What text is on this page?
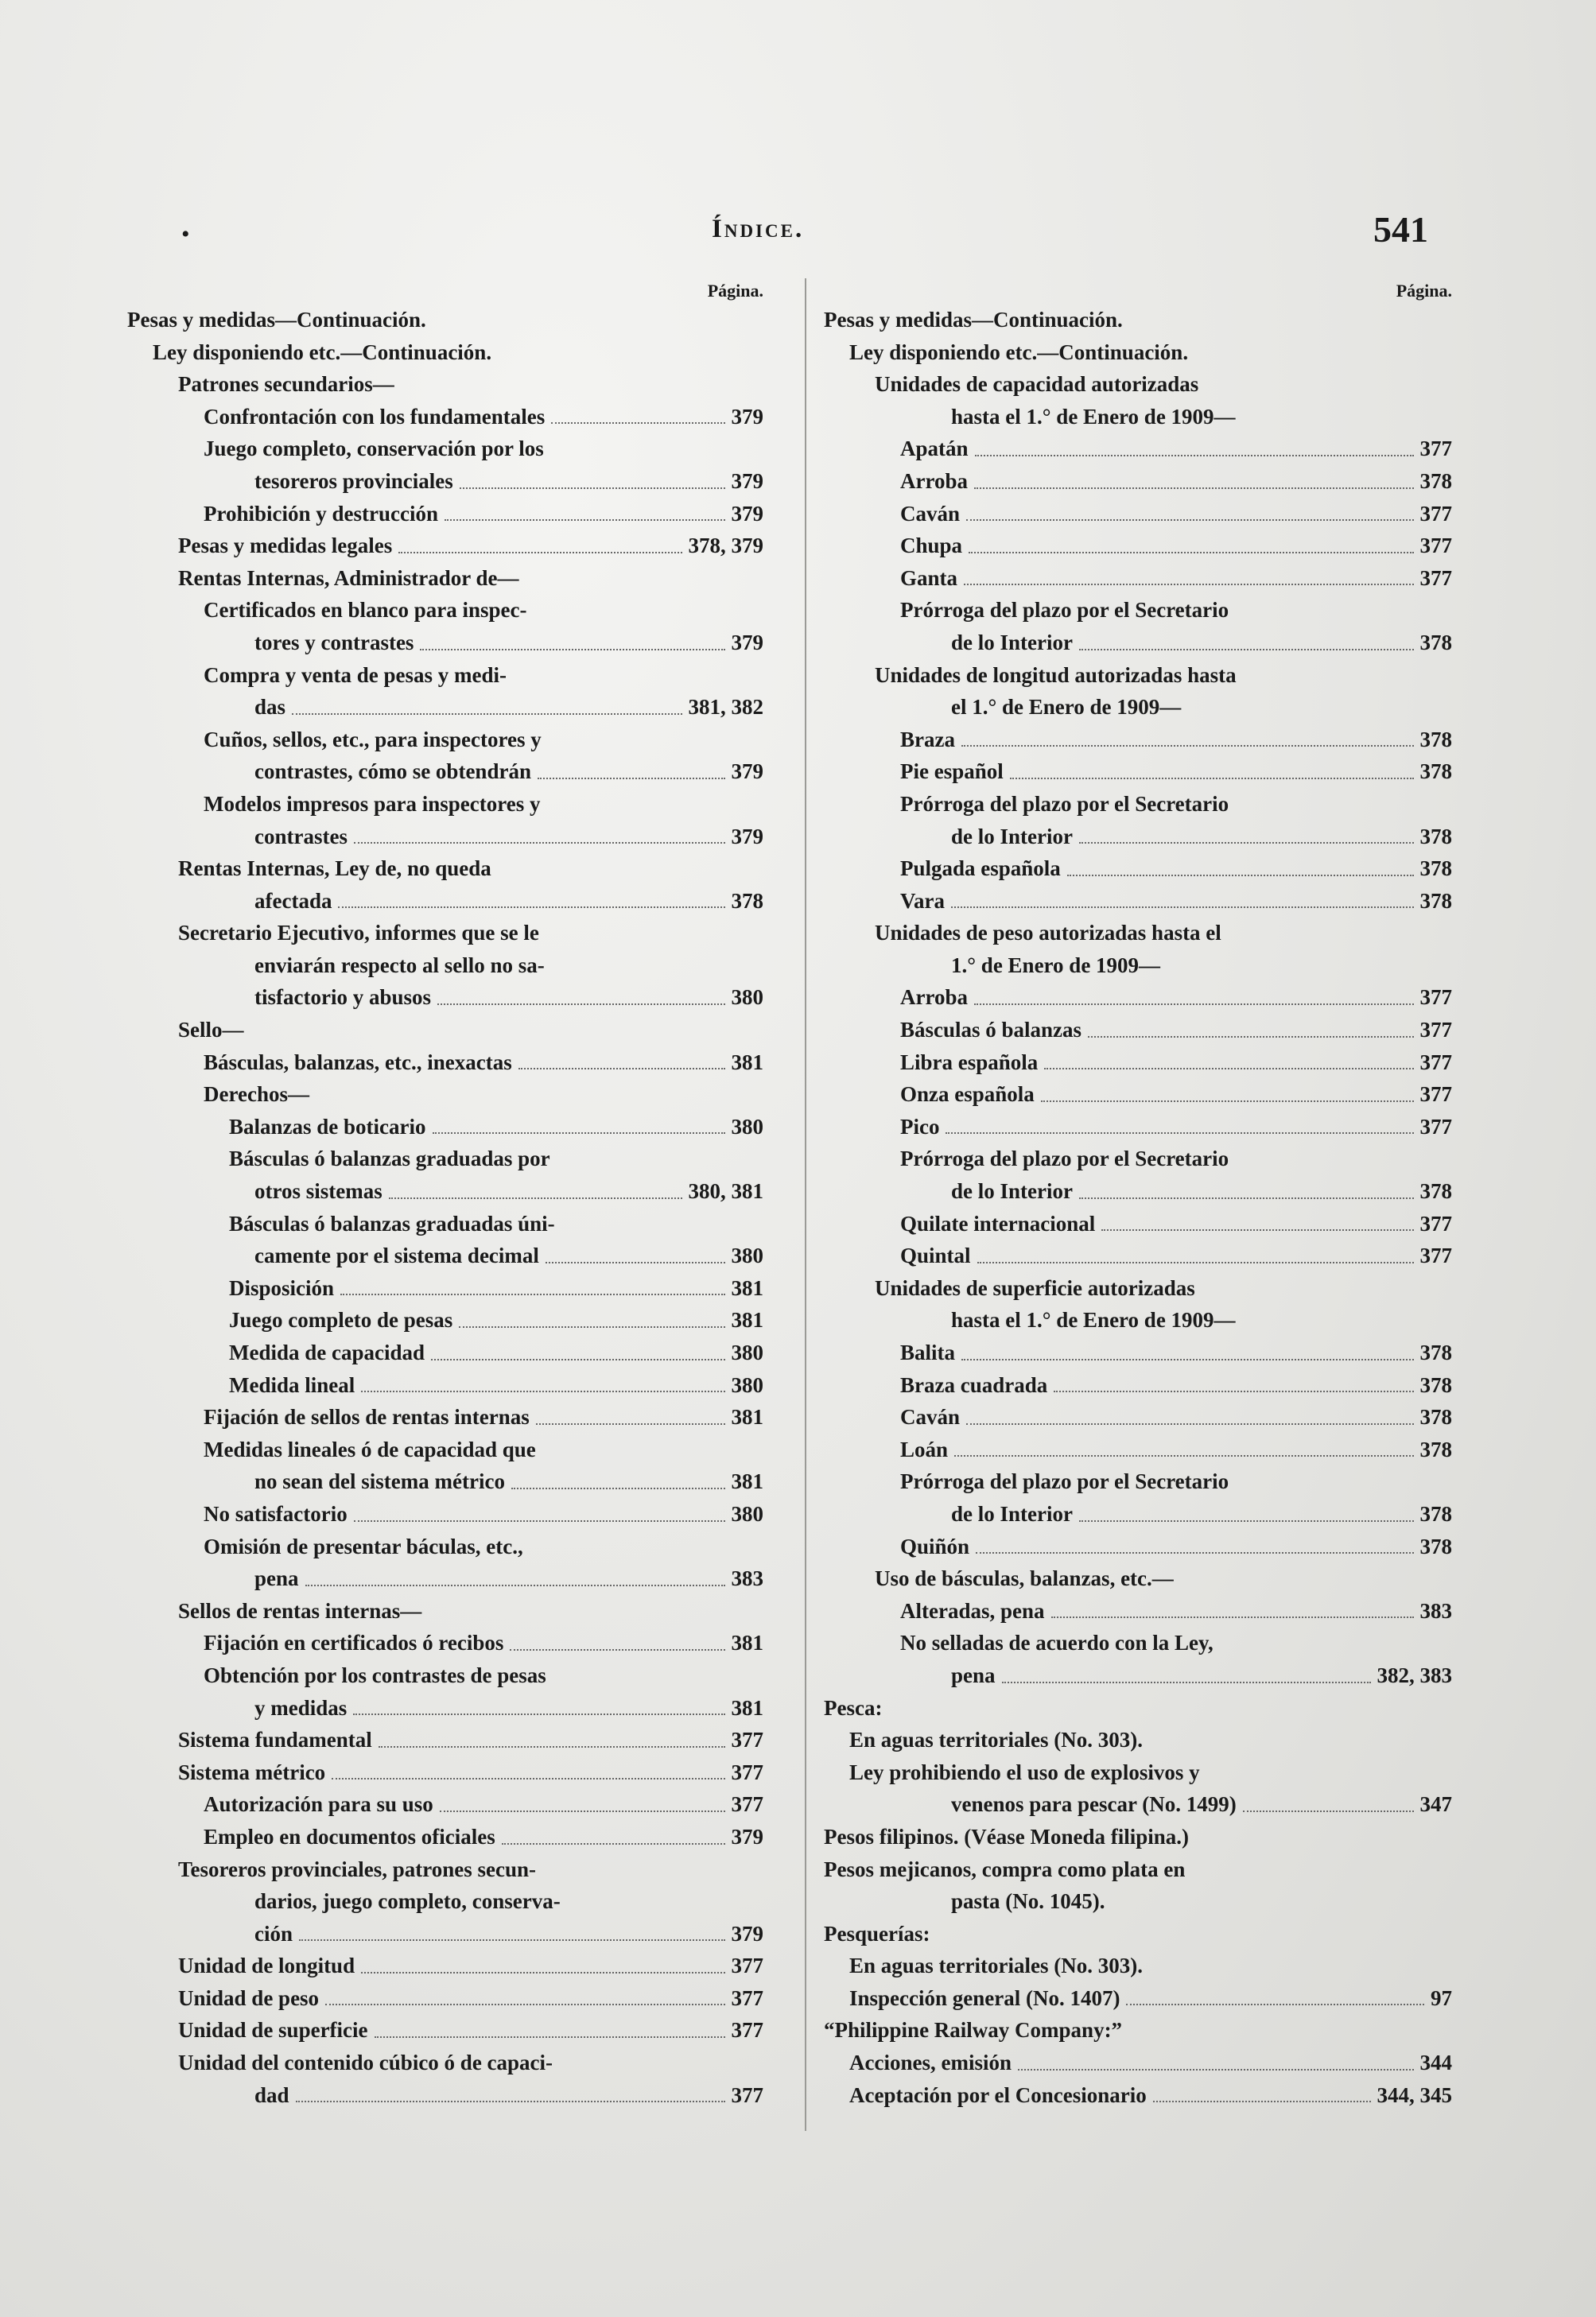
•	Índice.	541
Página.
Pesas y medidas—Continuación.
Ley disponiendo etc.—Continuación.
Patrones secundarios—
Confrontación con los fundamentales	379
Juego completo, conservación por los
tesoreros provinciales	379
Prohibición y destrucción	379
Pesas y medidas legales	378, 379
Rentas Internas, Administrador de—
Certificados en blanco para inspec-
tores y contrastes	379
Compra y venta de pesas y medi-
das	381, 382
Cuños, sellos, etc., para inspectores y
contrastes, cómo se obtendrán	379
Modelos impresos para inspectores y
contrastes	379
Rentas Internas, Ley de, no queda
afectada	378
Secretario Ejecutivo, informes que se le
enviarán respecto al sello no sa-
tisfactorio y abusos	380
Sello—
Básculas, balanzas, etc., inexactas	381
Derechos—
Balanzas de boticario	380
Básculas ó balanzas graduadas por
otros sistemas	380, 381
Básculas ó balanzas graduadas úni-
camente por el sistema decimal	380
Disposición	381
Juego completo de pesas	381
Medida de capacidad	380
Medida lineal	380
Fijación de sellos de rentas internas	381
Medidas lineales ó de capacidad que
no sean del sistema métrico	381
No satisfactorio	380
Omisión de presentar báculas, etc.,
pena	383
Sellos de rentas internas—
Fijación en certificados ó recibos	381
Obtención por los contrastes de pesas
y medidas	381
Sistema fundamental	377
Sistema métrico	377
Autorización para su uso	377
Empleo en documentos oficiales	379
Tesoreros provinciales, patrones secun-
darios, juego completo, conserva-
ción	379
Unidad de longitud	377
Unidad de peso	377
Unidad de superficie	377
Unidad del contenido cúbico ó de capaci-
dad	377
Página.
Pesas y medidas—Continuación.
Ley disponiendo etc.—Continuación.
Unidades de capacidad autorizadas
hasta el 1.° de Enero de 1909—
Apatán	377
Arroba	378
Caván	377
Chupa	377
Ganta	377
Prórroga del plazo por el Secretario
de lo Interior	378
Unidades de longitud autorizadas hasta
el 1.° de Enero de 1909—
Braza	378
Pie español	378
Prórroga del plazo por el Secretario
de lo Interior	378
Pulgada española	378
Vara	378
Unidades de peso autorizadas hasta el
1.° de Enero de 1909—
Arroba	377
Básculas ó balanzas	377
Libra española	377
Onza española	377
Pico	377
Prórroga del plazo por el Secretario
de lo Interior	378
Quilate internacional	377
Quintal	377
Unidades de superficie autorizadas
hasta el 1.° de Enero de 1909—
Balita	378
Braza cuadrada	378
Caván	378
Loán	378
Prórroga del plazo por el Secretario
de lo Interior	378
Quiñón	378
Uso de básculas, balanzas, etc.—
Alteradas, pena	383
No selladas de acuerdo con la Ley,
pena	382, 383
Pesca:
En aguas territoriales (No. 303).
Ley prohibiendo el uso de explosivos y
venenos para pescar (No. 1499)	347
Pesos filipinos. (Véase Moneda filipina.)
Pesos mejicanos, compra como plata en
pasta (No. 1045).
Pesquerías:
En aguas territoriales (No. 303).
Inspección general (No. 1407)	97
“Philippine Railway Company:”
Acciones, emisión	344
Aceptación por el Concesionario	344, 345
